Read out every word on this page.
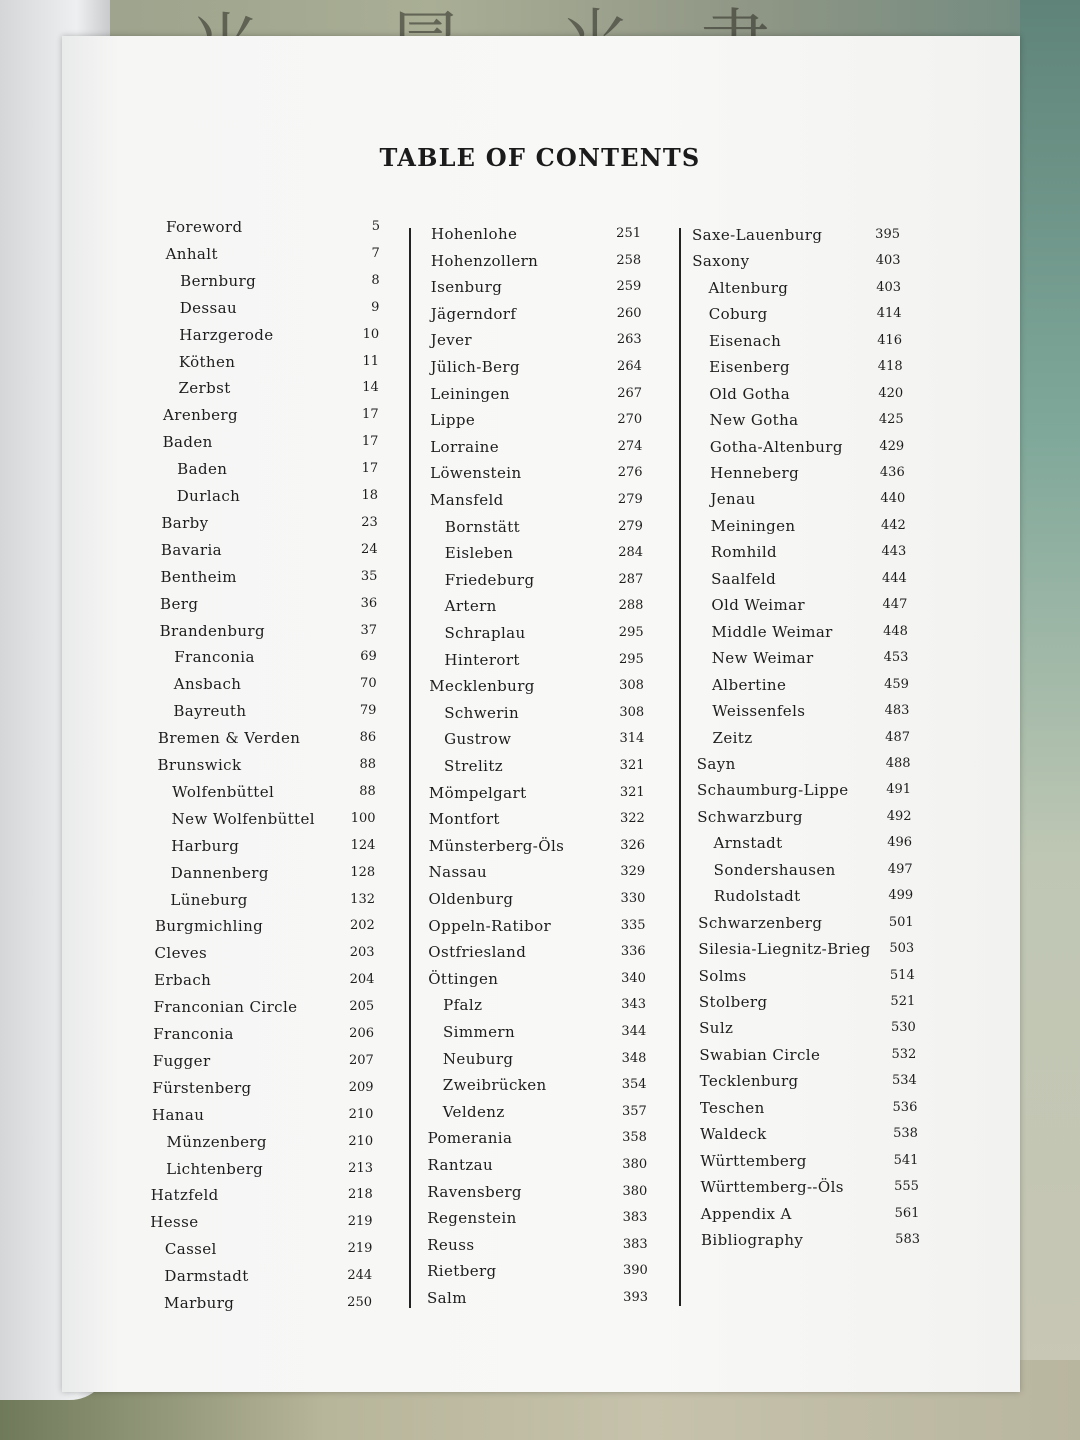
TABLE OF CONTENTS
Foreword	5
Anhalt	7
Bernburg	8
Dessau	9
Harzgerode	10
Köthen	11
Zerbst	14
Arenberg	17
Baden	17
Baden	17
Durlach	18
Barby	23
Bavaria	24
Bentheim	35
Berg	36
Brandenburg	37
Franconia	69
Ansbach	70
Bayreuth	79
Bremen & Verden	86
Brunswick	88
Wolfenbüttel	88
New Wolfenbüttel	100
Harburg	124
Dannenberg	128
Lüneburg	132
Burgmichling	202
Cleves	203
Erbach	204
Franconian Circle	205
Franconia	206
Fugger	207
Fürstenberg	209
Hanau	210
Münzenberg	210
Lichtenberg	213
Hatzfeld	218
Hesse	219
Cassel	219
Darmstadt	244
Marburg	250
Hohenlohe	251
Hohenzollern	258
Isenburg	259
Jägerndorf	260
Jever	263
Jülich-Berg	264
Leiningen	267
Lippe	270
Lorraine	274
Löwenstein	276
Mansfeld	279
Bornstätt	279
Eisleben	284
Friedeburg	287
Artern	288
Schraplau	295
Hinterort	295
Mecklenburg	308
Schwerin	308
Gustrow	314
Strelitz	321
Mömpelgart	321
Montfort	322
Münsterberg-Öls	326
Nassau	329
Oldenburg	330
Oppeln-Ratibor	335
Ostfriesland	336
Öttingen	340
Pfalz	343
Simmern	344
Neuburg	348
Zweibrücken	354
Veldenz	357
Pomerania	358
Rantzau	380
Ravensberg	380
Regenstein	383
Reuss	383
Rietberg	390
Salm	393
Saxe-Lauenburg	395
Saxony	403
Altenburg	403
Coburg	414
Eisenach	416
Eisenberg	418
Old Gotha	420
New Gotha	425
Gotha-Altenburg	429
Henneberg	436
Jenau	440
Meiningen	442
Romhild	443
Saalfeld	444
Old Weimar	447
Middle Weimar	448
New Weimar	453
Albertine	459
Weissenfels	483
Zeitz	487
Sayn	488
Schaumburg-Lippe	491
Schwarzburg	492
Arnstadt	496
Sondershausen	497
Rudolstadt	499
Schwarzenberg	501
Silesia-Liegnitz-Brieg	503
Solms	514
Stolberg	521
Sulz	530
Swabian Circle	532
Tecklenburg	534
Teschen	536
Waldeck	538
Württemberg	541
Württemberg--Öls	555
Appendix A	561
Bibliography	583
